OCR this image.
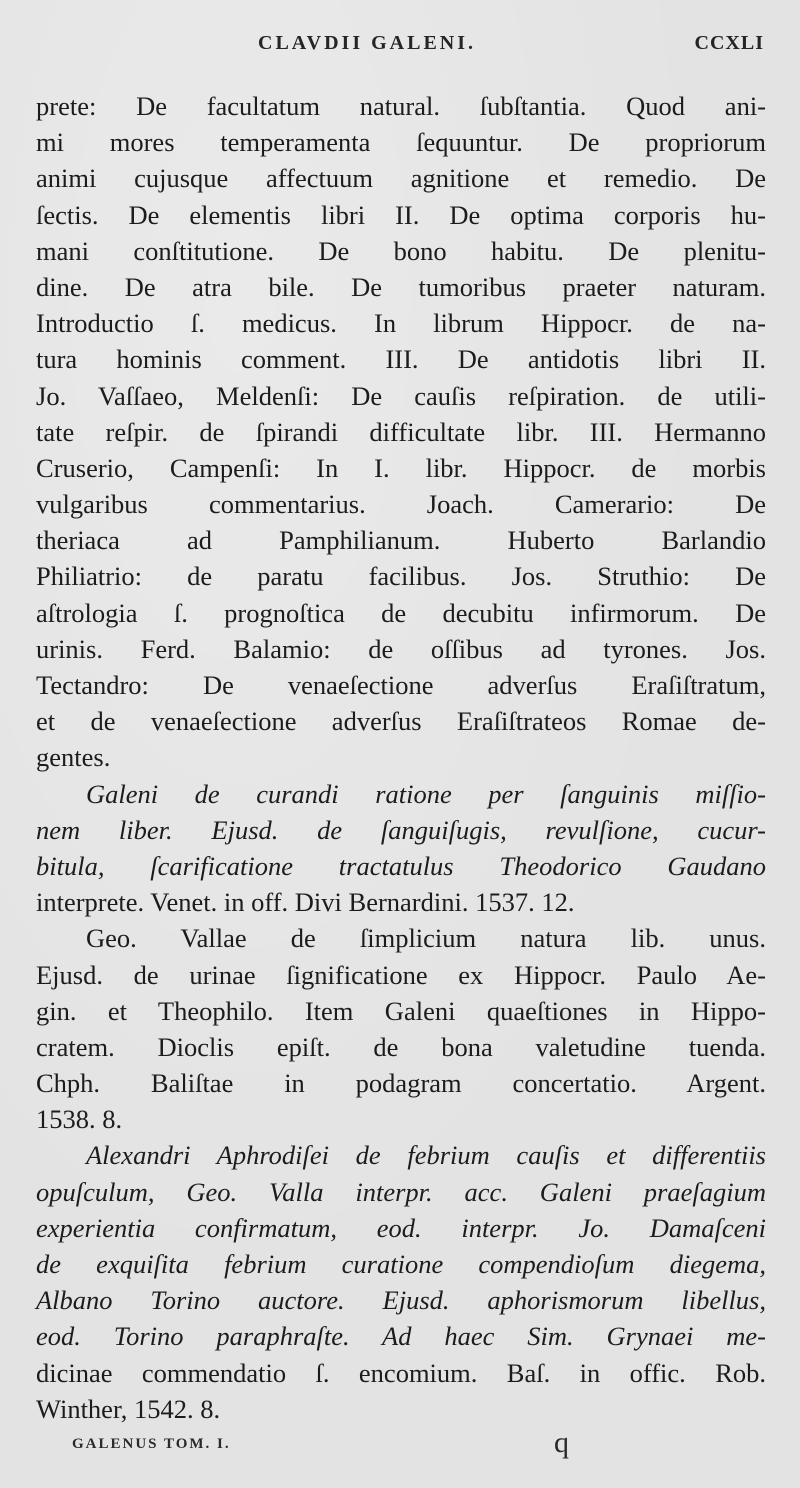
CLAVDII GALENI.	CCXLI
prete: De facultatum natural. ſubſtantia. Quod ani-
mi mores temperamenta ſequuntur. De propriorum
animi cujusque affectuum agnitione et remedio. De
ſectis. De elementis libri II. De optima corporis hu-
mani conſtitutione. De bono habitu. De plenitu-
dine. De atra bile. De tumoribus praeter naturam.
Introductio ſ. medicus. In librum Hippocr. de na-
tura hominis comment. III. De antidotis libri II.
Jo. Vaſſaeo, Meldenſi: De cauſis reſpiration. de utili-
tate reſpir. de ſpirandi difficultate libr. III. Hermanno
Cruserio, Campenſi: In I. libr. Hippocr. de morbis
vulgaribus commentarius. Joach. Camerario: De
theriaca ad Pamphilianum. Huberto Barlandio
Philiatrio: de paratu facilibus. Jos. Struthio: De
aſtrologia ſ. prognoſtica de decubitu infirmorum. De
urinis. Ferd. Balamio: de oſſibus ad tyrones. Jos.
Tectandro: De venaeſectione adverſus Eraſiſtratum,
et de venaeſectione adverſus Eraſiſtrateos Romae de-
gentes.
Galeni de curandi ratione per ſanguinis miſſio-
nem liber. Ejusd. de ſanguiſugis, revulſione, cucur-
bitula, ſcarificatione tractatulus Theodorico Gaudano
interprete. Venet. in off. Divi Bernardini. 1537. 12.
Geo. Vallae de ſimplicium natura lib. unus.
Ejusd. de urinae ſignificatione ex Hippocr. Paulo Ae-
gin. et Theophilo. Item Galeni quaeſtiones in Hippo-
cratem. Dioclis epiſt. de bona valetudine tuenda.
Chph. Baliſtae in podagram concertatio. Argent.
1538. 8.
Alexandri Aphrodiſei de febrium cauſis et differentiis
opuſculum, Geo. Valla interpr. acc. Galeni praeſagium
experientia confirmatum, eod. interpr. Jo. Damaſceni
de exquiſita febrium curatione compendioſum diegema,
Albano Torino auctore. Ejusd. aphorismorum libellus,
eod. Torino paraphraſte. Ad haec Sim. Grynaei me-
dicinae commendatio ſ. encomium. Baſ. in offic. Rob.
Winther, 1542. 8.
GALENUS TOM. I.	q
